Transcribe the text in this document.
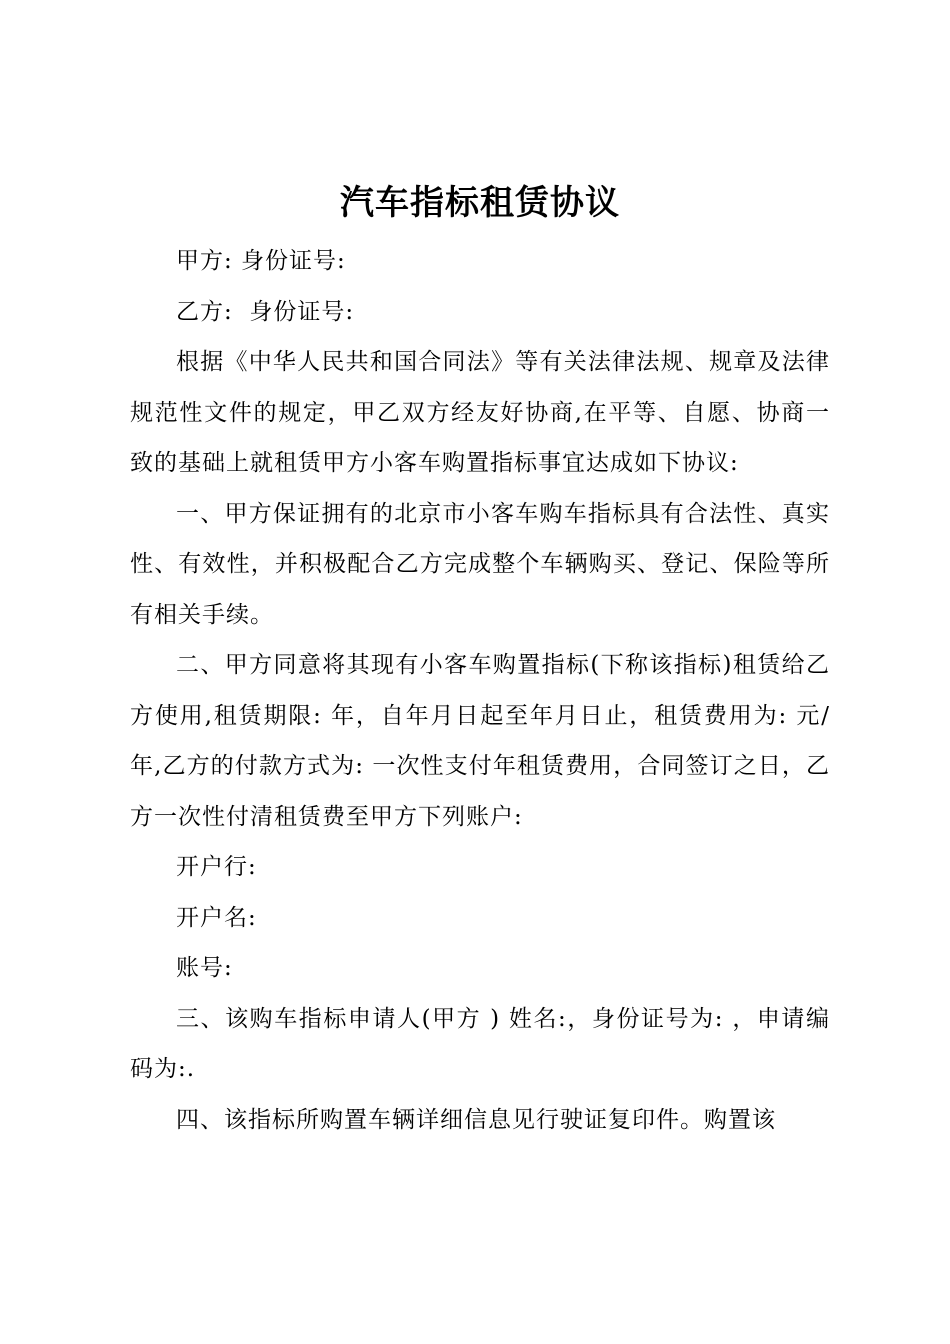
汽车指标租赁协议

甲方: 身份证号:

乙方:  身份证号:

根据《中华人民共和国合同法》等有关法律法规、规章及法律规范性文件的规定，甲乙双方经友好协商,在平等、自愿、协商一致的基础上就租赁甲方小客车购置指标事宜达成如下协议:

一、甲方保证拥有的北京市小客车购车指标具有合法性、真实性、有效性，并积极配合乙方完成整个车辆购买、登记、保险等所有相关手续。

二、甲方同意将其现有小客车购置指标(下称该指标)租赁给乙方使用,租赁期限: 年，自年月日起至年月日止，租赁费用为: 元/年,乙方的付款方式为: 一次性支付年租赁费用，合同签订之日，乙方一次性付清租赁费至甲方下列账户:

开户行:

开户名:

账号:

三、该购车指标申请人(甲方 ) 姓名:，身份证号为: ，申请编码为:.

四、该指标所购置车辆详细信息见行驶证复印件。购置该
